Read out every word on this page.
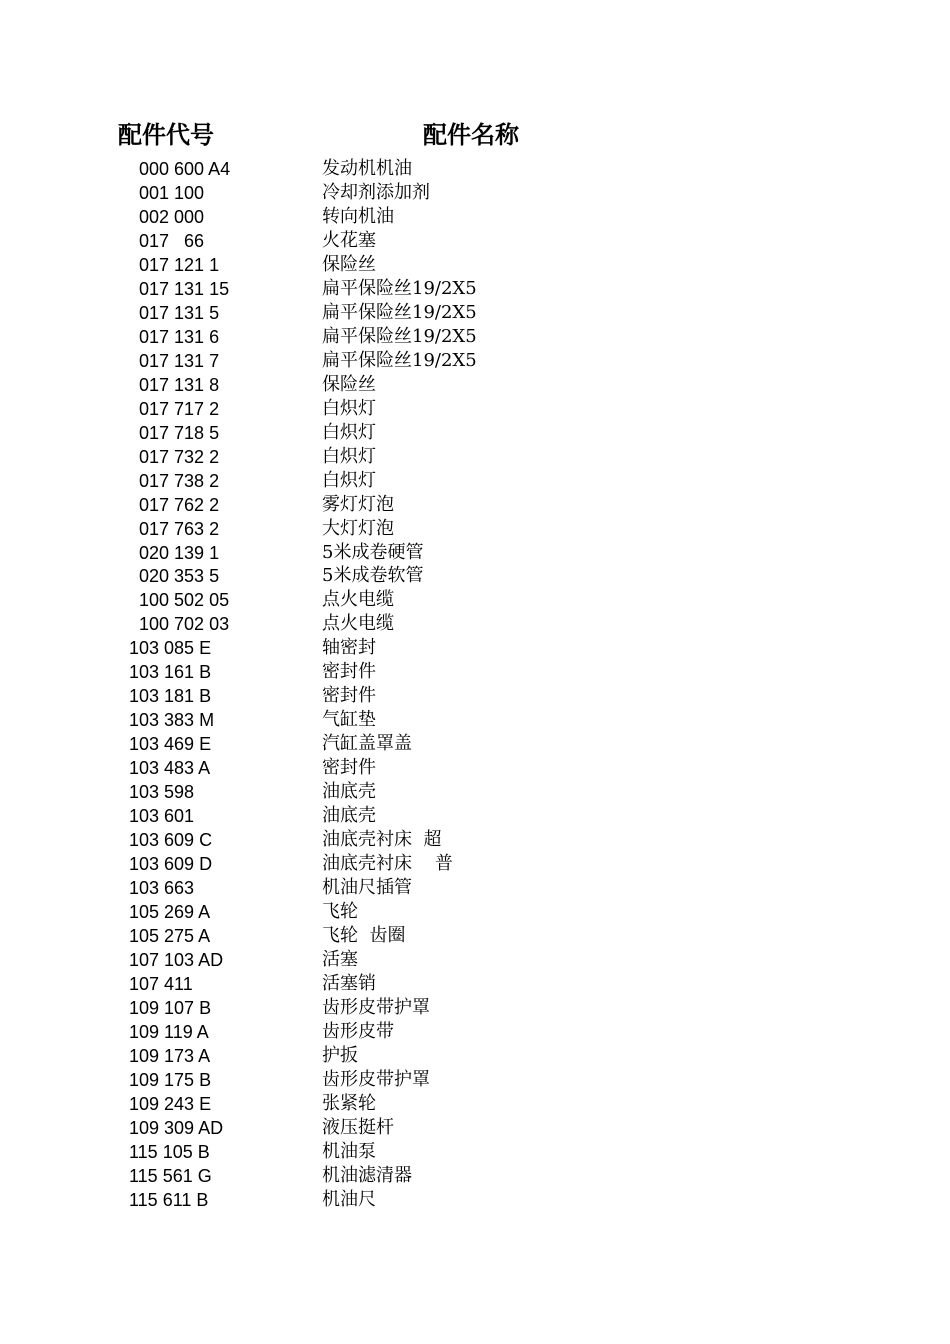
配件代号	配件名称
000 600 A4	发动机机油
001 100	冷却剂添加剂
002 000	转向机油
017   66	火花塞
017 121 1	保险丝
017 131 15	扁平保险丝19/2X5
017 131 5	扁平保险丝19/2X5
017 131 6	扁平保险丝19/2X5
017 131 7	扁平保险丝19/2X5
017 131 8	保险丝
017 717 2	白炽灯
017 718 5	白炽灯
017 732 2	白炽灯
017 738 2	白炽灯
017 762 2	雾灯灯泡
017 763 2	大灯灯泡
020 139 1	5米成卷硬管
020 353 5	5米成卷软管
100 502 05	点火电缆
100 702 03	点火电缆
103 085 E	轴密封
103 161 B	密封件
103 181 B	密封件
103 383 M	气缸垫
103 469 E	汽缸盖罩盖
103 483 A	密封件
103 598	油底壳
103 601	油底壳
103 609 C	油底壳衬床  超
103 609 D	油底壳衬床    普
103 663	机油尺插管
105 269 A	飞轮
105 275 A	飞轮  齿圈
107 103 AD	活塞
107 411	活塞销
109 107 B	齿形皮带护罩
109 119 A	齿形皮带
109 173 A	护扳
109 175 B	齿形皮带护罩
109 243 E	张紧轮
109 309 AD	液压挺杆
115 105 B	机油泵
115 561 G	机油滤清器
115 611 B	机油尺
